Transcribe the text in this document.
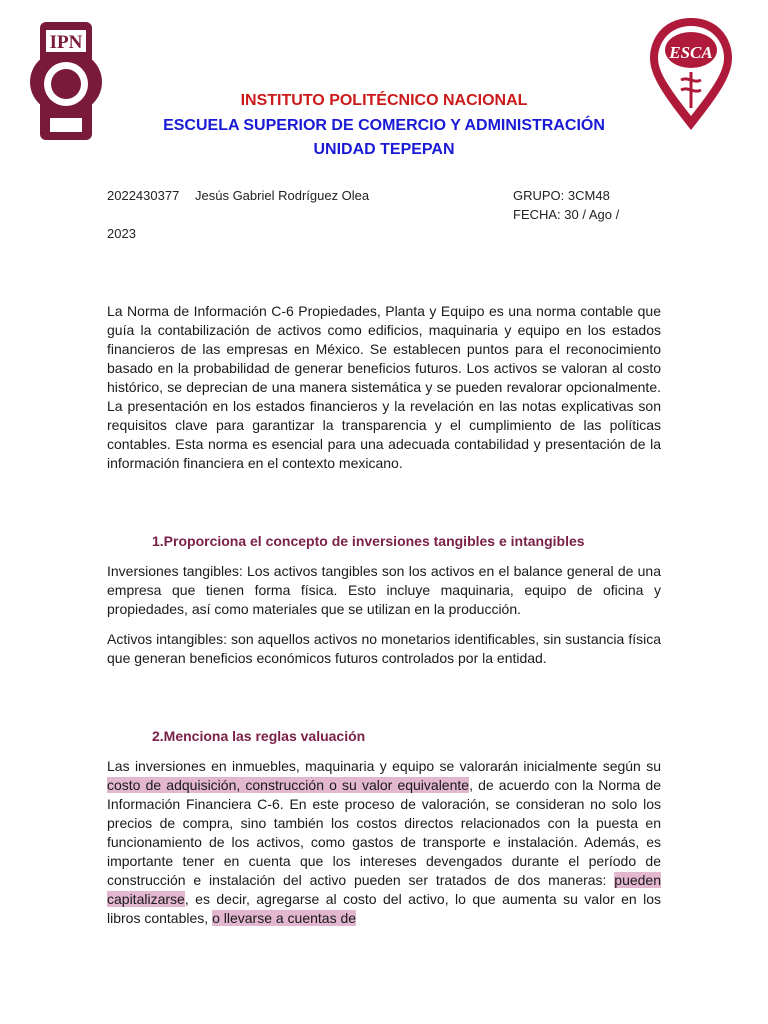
IPN	ESCA
INSTITUTO POLITÉCNICO NACIONAL
ESCUELA SUPERIOR DE COMERCIO Y ADMINISTRACIÓN
UNIDAD TEPEPAN
2022430377 Jesús Gabriel Rodríguez Olea	GRUPO: 3CM48
FECHA: 30 / Ago /
2023

La Norma de Información C-6 Propiedades, Planta y Equipo es una norma contable que guía la contabilización de activos como edificios, maquinaria y equipo en los estados financieros de las empresas en México. Se establecen puntos para el reconocimiento basado en la probabilidad de generar beneficios futuros. Los activos se valoran al costo histórico, se deprecian de una manera sistemática y se pueden revalorar opcionalmente. La presentación en los estados financieros y la revelación en las notas explicativas son requisitos clave para garantizar la transparencia y el cumplimiento de las políticas contables. Esta norma es esencial para una adecuada contabilidad y presentación de la información financiera en el contexto mexicano.

1.Proporciona el concepto de inversiones tangibles e intangibles

Inversiones tangibles: Los activos tangibles son los activos en el balance general de una empresa que tienen forma física. Esto incluye maquinaria, equipo de oficina y propiedades, así como materiales que se utilizan en la producción.

Activos intangibles: son aquellos activos no monetarios identificables, sin sustancia física que generan beneficios económicos futuros controlados por la entidad.

2.Menciona las reglas valuación

Las inversiones en inmuebles, maquinaria y equipo se valorarán inicialmente según su costo de adquisición, construcción o su valor equivalente, de acuerdo con la Norma de Información Financiera C-6. En este proceso de valoración, se consideran no solo los precios de compra, sino también los costos directos relacionados con la puesta en funcionamiento de los activos, como gastos de transporte e instalación. Además, es importante tener en cuenta que los intereses devengados durante el período de construcción e instalación del activo pueden ser tratados de dos maneras: pueden capitalizarse, es decir, agregarse al costo del activo, lo que aumenta su valor en los libros contables, o llevarse a cuentas de
